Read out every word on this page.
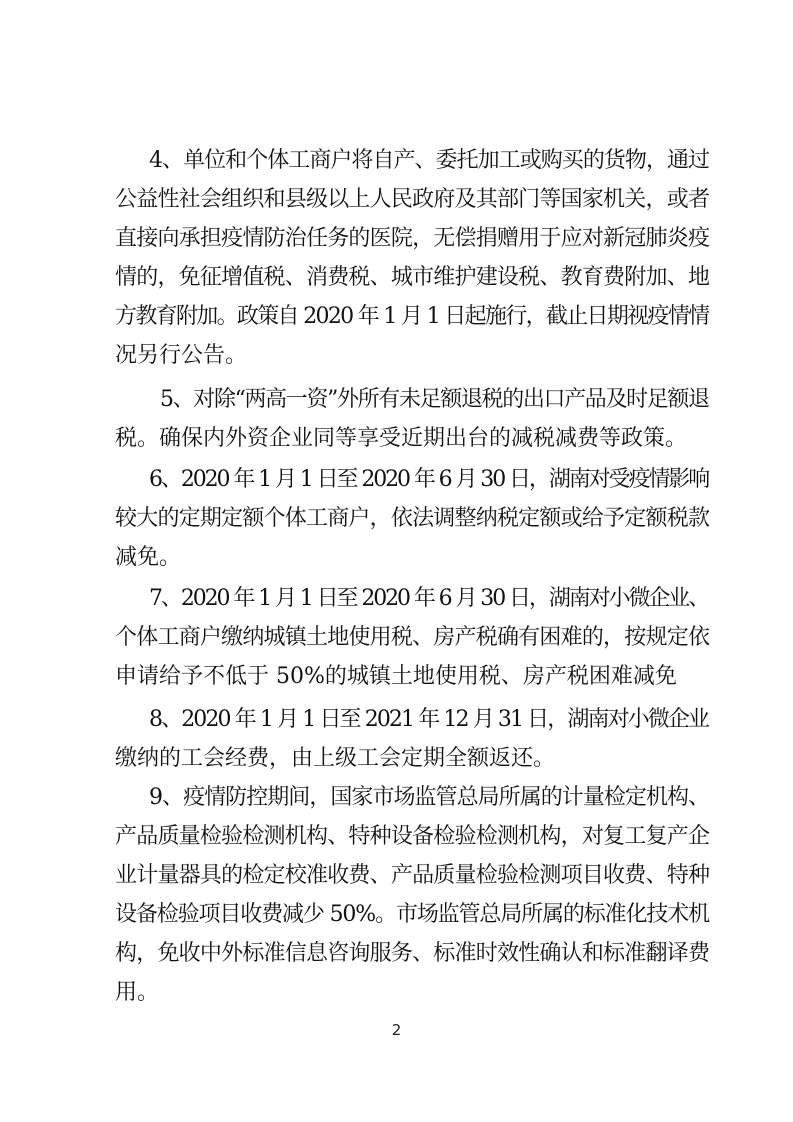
4、单位和个体工商户将自产、委托加工或购买的货物，通过

公益性社会组织和县级以上人民政府及其部门等国家机关，或者

直接向承担疫情防治任务的医院，无偿捐赠用于应对新冠肺炎疫

情的，免征增值税、消费税、城市维护建设税、教育费附加、地

方教育附加。政策自 2020 年 1 月 1 日起施行，截止日期视疫情情

况另行公告。

5、对除“两高一资”外所有未足额退税的出口产品及时足额退

税。确保内外资企业同等享受近期出台的减税减费等政策。

6、2020 年 1 月 1 日至 2020 年 6 月 30 日，湖南对受疫情影响

较大的定期定额个体工商户，依法调整纳税定额或给予定额税款

减免。

7、2020 年 1 月 1 日至 2020 年 6 月 30 日，湖南对小微企业、

个体工商户缴纳城镇土地使用税、房产税确有困难的，按规定依

申请给予不低于 50%的城镇土地使用税、房产税困难减免

8、2020 年 1 月 1 日至 2021 年 12 月 31 日，湖南对小微企业

缴纳的工会经费，由上级工会定期全额返还。

9、疫情防控期间，国家市场监管总局所属的计量检定机构、

产品质量检验检测机构、特种设备检验检测机构，对复工复产企

业计量器具的检定校准收费、产品质量检验检测项目收费、特种

设备检验项目收费减少 50%。市场监管总局所属的标准化技术机

构，免收中外标准信息咨询服务、标准时效性确认和标准翻译费

用。

2
